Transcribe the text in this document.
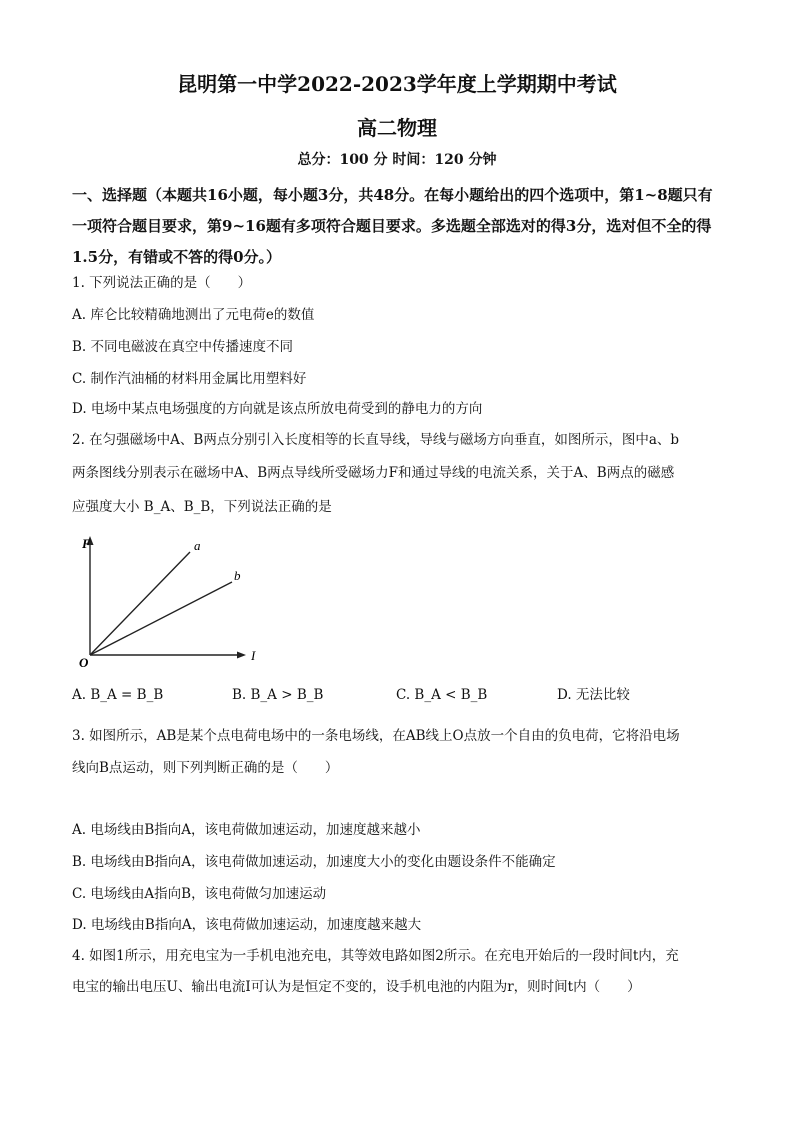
昆明第一中学2022-2023学年度上学期期中考试
高二物理
总分：100 分 时间：120 分钟
一、选择题（本题共16小题，每小题3分，共48分。在每小题给出的四个选项中，第1~8题只有一项符合题目要求，第9~16题有多项符合题目要求。多选题全部选对的得3分，选对但不全的得1.5分，有错或不答的得0分。）
1. 下列说法正确的是（　　）
A. 库仑比较精确地测出了元电荷e的数值
B. 不同电磁波在真空中传播速度不同
C. 制作汽油桶的材料用金属比用塑料好
D. 电场中某点电场强度的方向就是该点所放电荷受到的静电力的方向
2. 在匀强磁场中A、B两点分别引入长度相等的长直导线，导线与磁场方向垂直，如图所示，图中a、b
两条图线分别表示在磁场中A、B两点导线所受磁场力F和通过导线的电流关系，关于A、B两点的磁感
应强度大小 B_A、B_B，下列说法正确的是
F
I
O
a
b
A. B_A = B_B	B. B_A > B_B	C. B_A < B_B	D. 无法比较
3. 如图所示，AB是某个点电荷电场中的一条电场线，在AB线上O点放一个自由的负电荷，它将沿电场
线向B点运动，则下列判断正确的是（　　）
A. 电场线由B指向A，该电荷做加速运动，加速度越来越小
B. 电场线由B指向A，该电荷做加速运动，加速度大小的变化由题设条件不能确定
C. 电场线由A指向B，该电荷做匀加速运动
D. 电场线由B指向A，该电荷做加速运动，加速度越来越大
4. 如图1所示，用充电宝为一手机电池充电，其等效电路如图2所示。在充电开始后的一段时间t内，充
电宝的输出电压U、输出电流I可认为是恒定不变的，设手机电池的内阻为r，则时间t内（　　）
